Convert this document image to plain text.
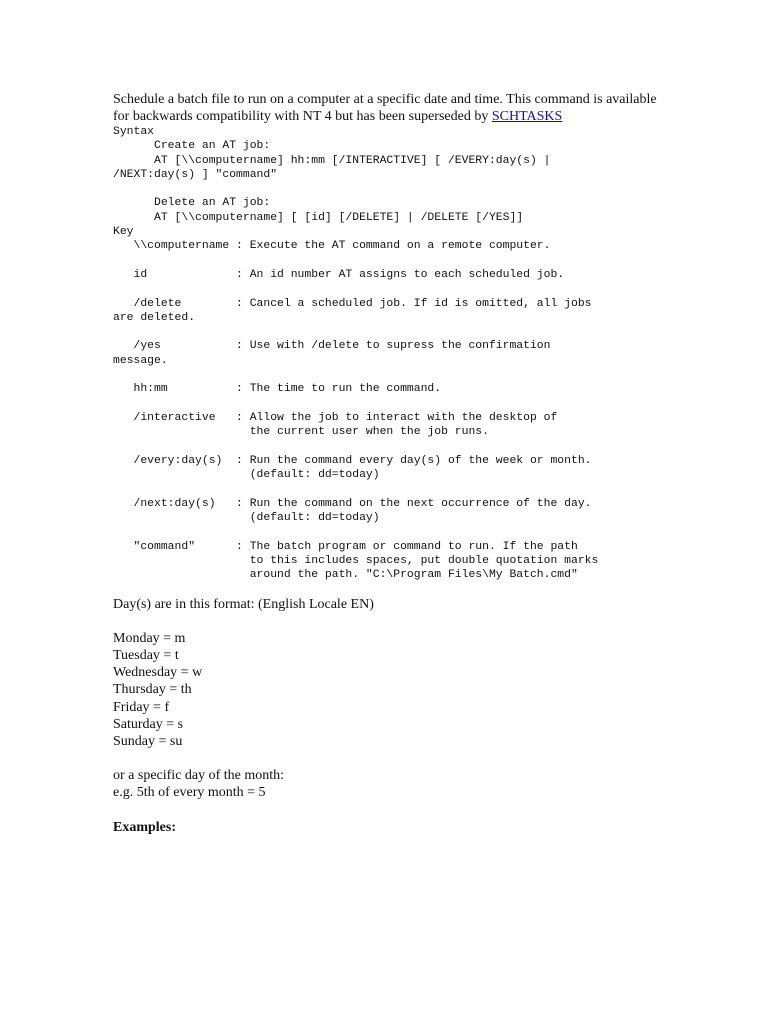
Schedule a batch file to run on a computer at a specific date and time. This command is available for backwards compatibility with NT 4 but has been superseded by SCHTASKS

Syntax
Create an AT job:
AT [\\computername] hh:mm [/INTERACTIVE] [ /EVERY:day(s) |
/NEXT:day(s) ] "command"

Delete an AT job:
AT [\\computername] [ [id] [/DELETE] | /DELETE [/YES]]
Key
\\computername : Execute the AT command on a remote computer.

id             : An id number AT assigns to each scheduled job.

/delete        : Cancel a scheduled job. If id is omitted, all jobs
are deleted.

/yes           : Use with /delete to supress the confirmation
message.

hh:mm          : The time to run the command.

/interactive   : Allow the job to interact with the desktop of
the current user when the job runs.

/every:day(s)  : Run the command every day(s) of the week or month.
(default: dd=today)

/next:day(s)   : Run the command on the next occurrence of the day.
(default: dd=today)

"command"      : The batch program or command to run. If the path
to this includes spaces, put double quotation marks
around the path. "C:\Program Files\My Batch.cmd"

Day(s) are in this format: (English Locale EN)

Monday = m
Tuesday = t
Wednesday = w
Thursday = th
Friday = f
Saturday = s
Sunday = su
or a specific day of the month:
e.g. 5th of every month = 5
Examples:
